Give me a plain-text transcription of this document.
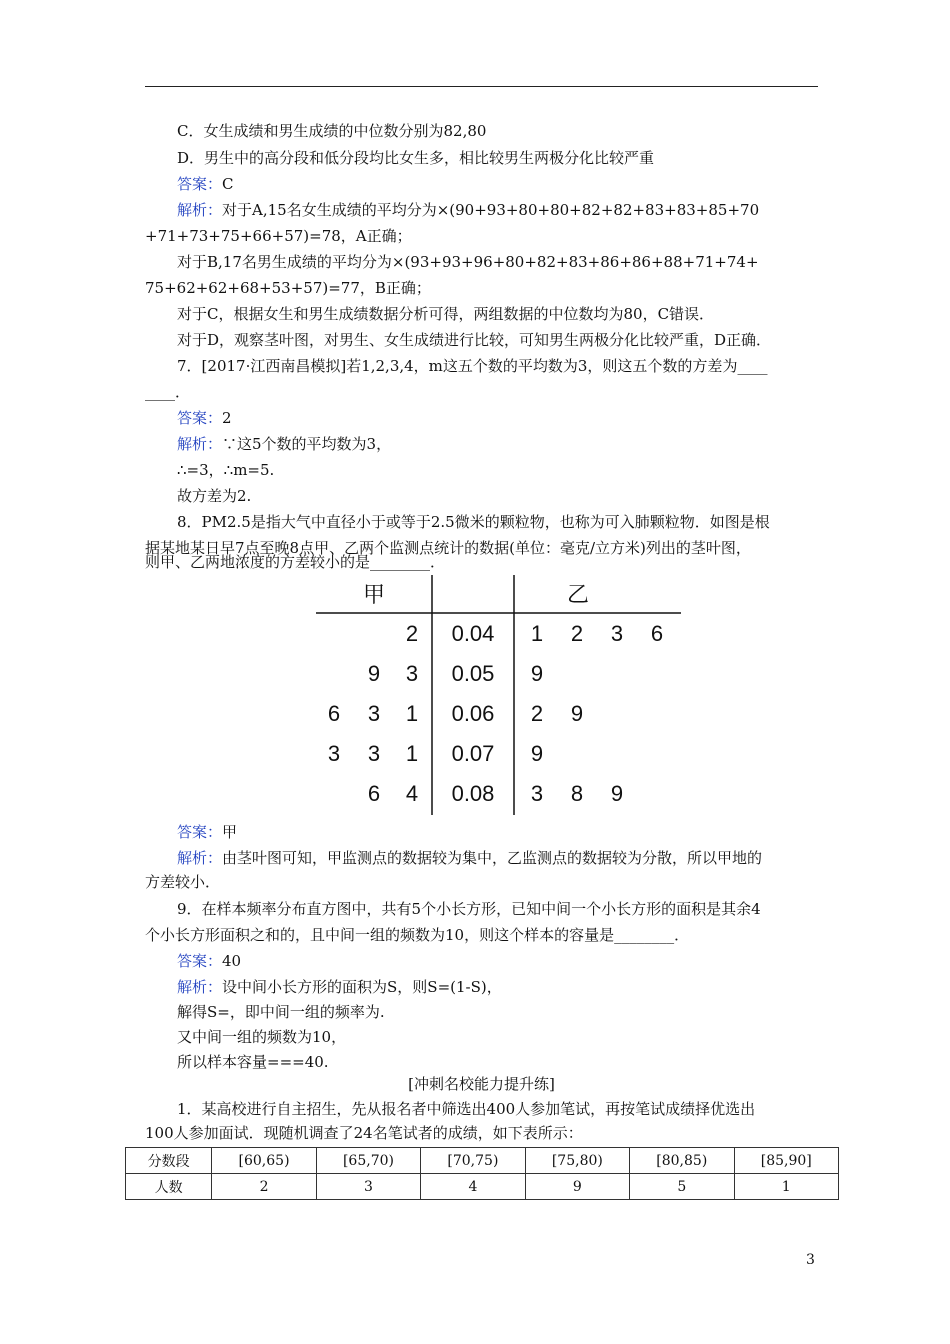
C．女生成绩和男生成绩的中位数分别为82,80
D．男生中的高分段和低分段均比女生多，相比较男生两极分化比较严重
答案：C
解析：对于A,15名女生成绩的平均分为×(90+93+80+80+82+82+83+83+85+70
+71+73+75+66+57)=78，A正确；
对于B,17名男生成绩的平均分为×(93+93+96+80+82+83+86+86+88+71+74+
75+62+62+68+53+57)=77，B正确；
对于C，根据女生和男生成绩数据分析可得，两组数据的中位数均为80，C错误．
对于D，观察茎叶图，对男生、女生成绩进行比较，可知男生两极分化比较严重，D正确．
7．[2017·江西南昌模拟]若1,2,3,4，m这五个数的平均数为3，则这五个数的方差为____
____．
答案：2
解析：∵这5个数的平均数为3，
∴=3，∴m=5.
故方差为2.
8．PM2.5是指大气中直径小于或等于2.5微米的颗粒物，也称为可入肺颗粒物．如图是根
据某地某日早7点至晚8点甲、乙两个监测点统计的数据(单位：毫克/立方米)列出的茎叶图，
则甲、乙两地浓度的方差较小的是________．
甲	乙
2 0.04 1 2 3 6
9 3 0.05 9
6 3 1 0.06 2 9
3 3 1 0.07 9
6 4 0.08 3 8 9
答案：甲
解析：由茎叶图可知，甲监测点的数据较为集中，乙监测点的数据较为分散，所以甲地的
方差较小．
9．在样本频率分布直方图中，共有5个小长方形，已知中间一个小长方形的面积是其余4
个小长方形面积之和的，且中间一组的频数为10，则这个样本的容量是________．
答案：40
解析：设中间小长方形的面积为S，则S=(1-S)，
解得S=，即中间一组的频率为.
又中间一组的频数为10，
所以样本容量===40.
[冲刺名校能力提升练]
1．某高校进行自主招生，先从报名者中筛选出400人参加笔试，再按笔试成绩择优选出
100人参加面试．现随机调查了24名笔试者的成绩，如下表所示：
分数段	[60,65)	[65,70)	[70,75)	[75,80)	[80,85)	[85,90]
人数	2	3	4	9	5	1
3
